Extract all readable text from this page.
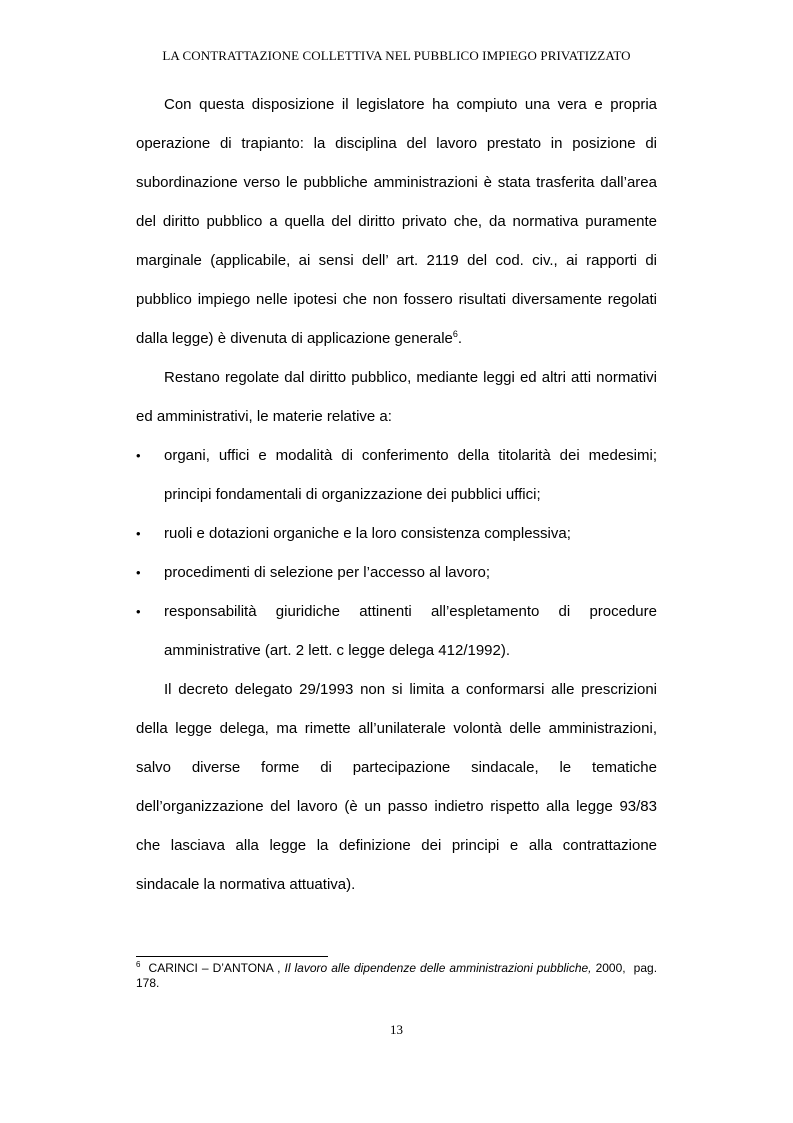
LA CONTRATTAZIONE COLLETTIVA NEL PUBBLICO IMPIEGO PRIVATIZZATO

Con questa disposizione il legislatore ha compiuto una vera e propria operazione di trapianto: la disciplina del lavoro prestato in posizione di subordinazione verso le pubbliche amministrazioni è stata trasferita dall’area del diritto pubblico a quella del diritto privato che, da normativa puramente marginale (applicabile, ai sensi dell’ art. 2119 del cod. civ., ai rapporti di pubblico impiego nelle ipotesi che non fossero risultati diversamente regolati dalla legge) è divenuta di applicazione generale$^6$.

Restano regolate dal diritto pubblico, mediante leggi ed altri atti normativi ed amministrativi, le materie relative a:

• organi, uffici e modalità di conferimento della titolarità dei medesimi; principi fondamentali di organizzazione dei pubblici uffici;
• ruoli e dotazioni organiche e la loro consistenza complessiva;
• procedimenti di selezione per l’accesso al lavoro;
• responsabilità giuridiche attinenti all’espletamento di procedure amministrative (art. 2 lett. c legge delega 412/1992).

Il decreto delegato 29/1993 non si limita a conformarsi alle prescrizioni della legge delega, ma rimette all’unilaterale volontà delle amministrazioni, salvo diverse forme di partecipazione sindacale, le tematiche dell’organizzazione del lavoro (è un passo indietro rispetto alla legge 93/83 che lasciava alla legge la definizione dei principi e alla contrattazione sindacale la normativa attuativa).

$^6$ CARINCI – D’ANTONA , Il lavoro alle dipendenze delle amministrazioni pubbliche, 2000, pag. 178.
13
